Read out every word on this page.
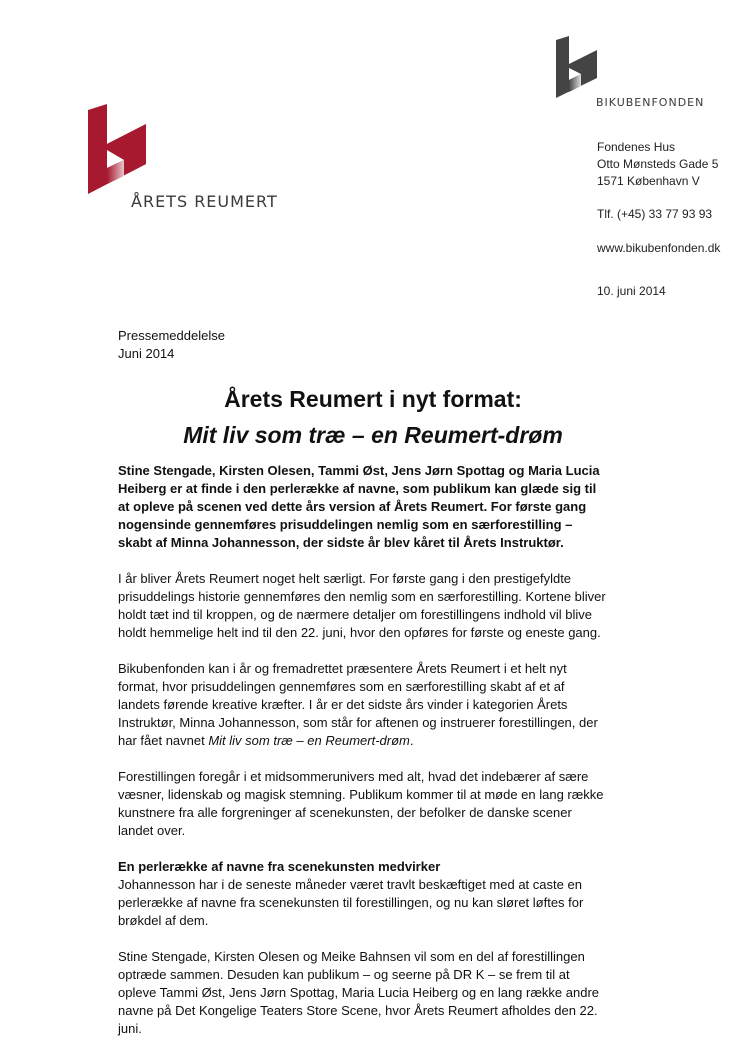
ÅRETS REUMERT
BIKUBENFONDEN
Fondenes Hus
Otto Mønsteds Gade 5
1571 København V
Tlf. (+45) 33 77 93 93
www.bikubenfonden.dk
10. juni 2014
Pressemeddelelse
Juni 2014
Årets Reumert i nyt format:
Mit liv som træ – en Reumert-drøm
Stine Stengade, Kirsten Olesen, Tammi Øst, Jens Jørn Spottag og Maria Lucia
Heiberg er at finde i den perlerække af navne, som publikum kan glæde sig til
at opleve på scenen ved dette års version af Årets Reumert. For første gang
nogensinde gennemføres prisuddelingen nemlig som en særforestilling –
skabt af Minna Johannesson, der sidste år blev kåret til Årets Instruktør.
I år bliver Årets Reumert noget helt særligt. For første gang i den prestigefyldte
prisuddelings historie gennemføres den nemlig som en særforestilling. Kortene bliver
holdt tæt ind til kroppen, og de nærmere detaljer om forestillingens indhold vil blive
holdt hemmelige helt ind til den 22. juni, hvor den opføres for første og eneste gang.
Bikubenfonden kan i år og fremadrettet præsentere Årets Reumert i et helt nyt
format, hvor prisuddelingen gennemføres som en særforestilling skabt af et af
landets førende kreative kræfter. I år er det sidste års vinder i kategorien Årets
Instruktør, Minna Johannesson, som står for aftenen og instruerer forestillingen, der
har fået navnet Mit liv som træ – en Reumert-drøm.
Forestillingen foregår i et midsommerunivers med alt, hvad det indebærer af sære
væsner, lidenskab og magisk stemning. Publikum kommer til at møde en lang række
kunstnere fra alle forgreninger af scenekunsten, der befolker de danske scener
landet over.
En perlerække af navne fra scenekunsten medvirker
Johannesson har i de seneste måneder været travlt beskæftiget med at caste en
perlerække af navne fra scenekunsten til forestillingen, og nu kan sløret løftes for
brøkdel af dem.
Stine Stengade, Kirsten Olesen og Meike Bahnsen vil som en del af forestillingen
optræde sammen. Desuden kan publikum – og seerne på DR K – se frem til at
opleve Tammi Øst, Jens Jørn Spottag, Maria Lucia Heiberg og en lang række andre
navne på Det Kongelige Teaters Store Scene, hvor Årets Reumert afholdes den 22.
juni.
